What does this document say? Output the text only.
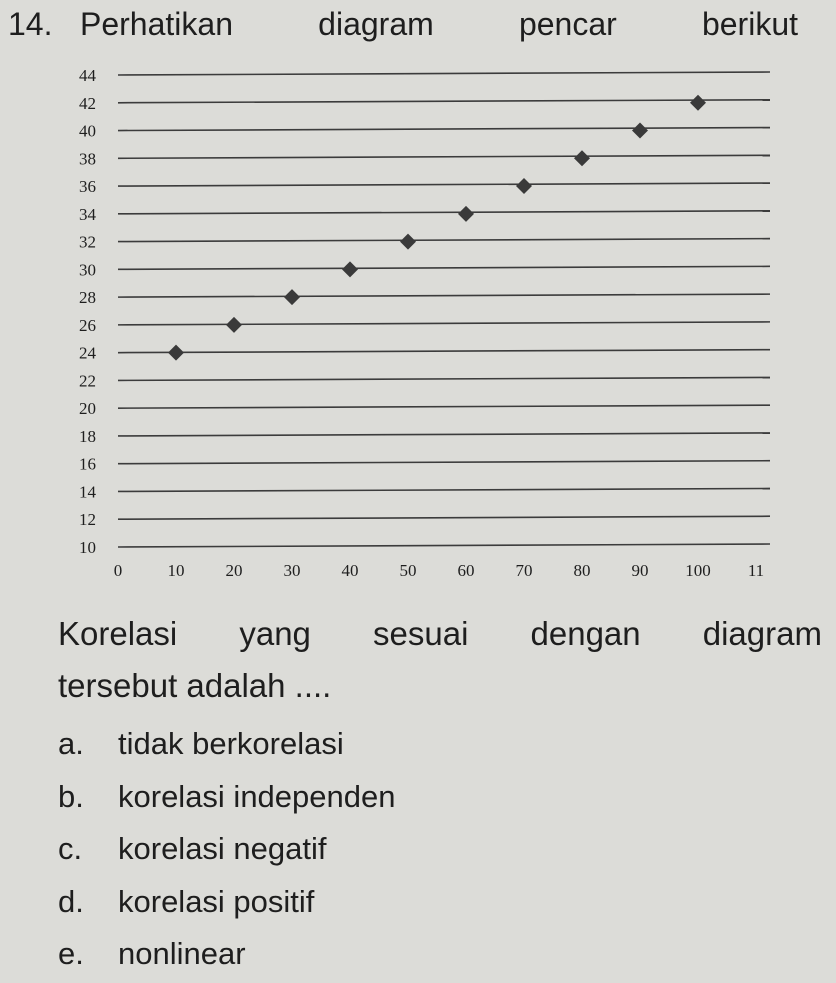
14. Perhatikan	diagram	pencar	berikut
10
12
14
16
18
20
22
24
26
28
30
32
34
36
38
40
42
44
0	10 20 30 40 50 60 70 80 90 100 11
Korelasi yang sesuai dengan diagram
tersebut adalah ....
a.	tidak berkorelasi
b.	korelasi independen
c.	korelasi negatif
d.	korelasi positif
e.	nonlinear
